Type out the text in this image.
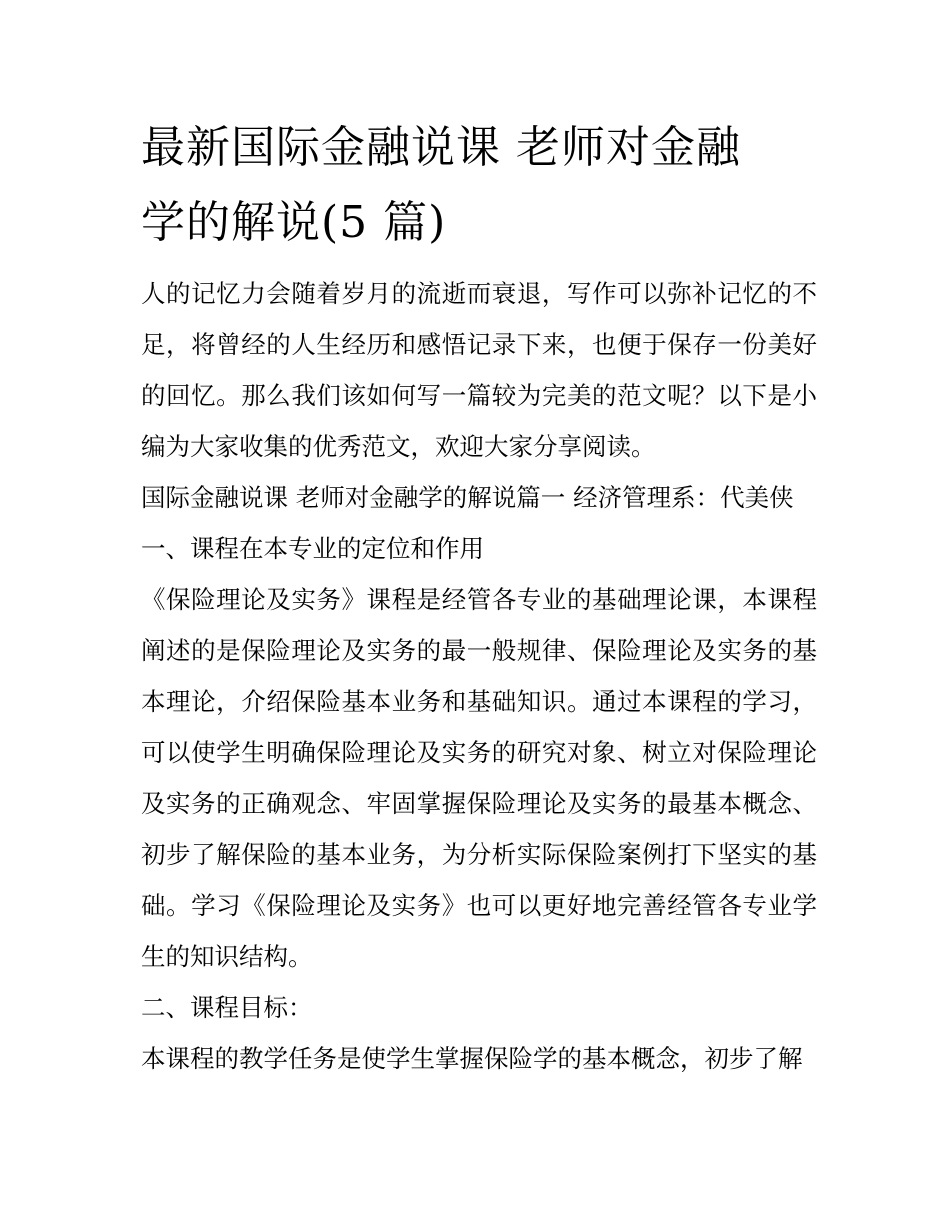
最新国际金融说课 老师对金融
学的解说(5 篇)

人的记忆力会随着岁月的流逝而衰退，写作可以弥补记忆的不足，将曾经的人生经历和感悟记录下来，也便于保存一份美好的回忆。那么我们该如何写一篇较为完美的范文呢？以下是小编为大家收集的优秀范文，欢迎大家分享阅读。

国际金融说课 老师对金融学的解说篇一 经济管理系：代美侠

一、课程在本专业的定位和作用

《保险理论及实务》课程是经管各专业的基础理论课，本课程阐述的是保险理论及实务的最一般规律、保险理论及实务的基本理论，介绍保险基本业务和基础知识。通过本课程的学习，可以使学生明确保险理论及实务的研究对象、树立对保险理论及实务的正确观念、牢固掌握保险理论及实务的最基本概念、初步了解保险的基本业务，为分析实际保险案例打下坚实的基础。学习《保险理论及实务》也可以更好地完善经管各专业学生的知识结构。

二、课程目标：

本课程的教学任务是使学生掌握保险学的基本概念，初步了解
